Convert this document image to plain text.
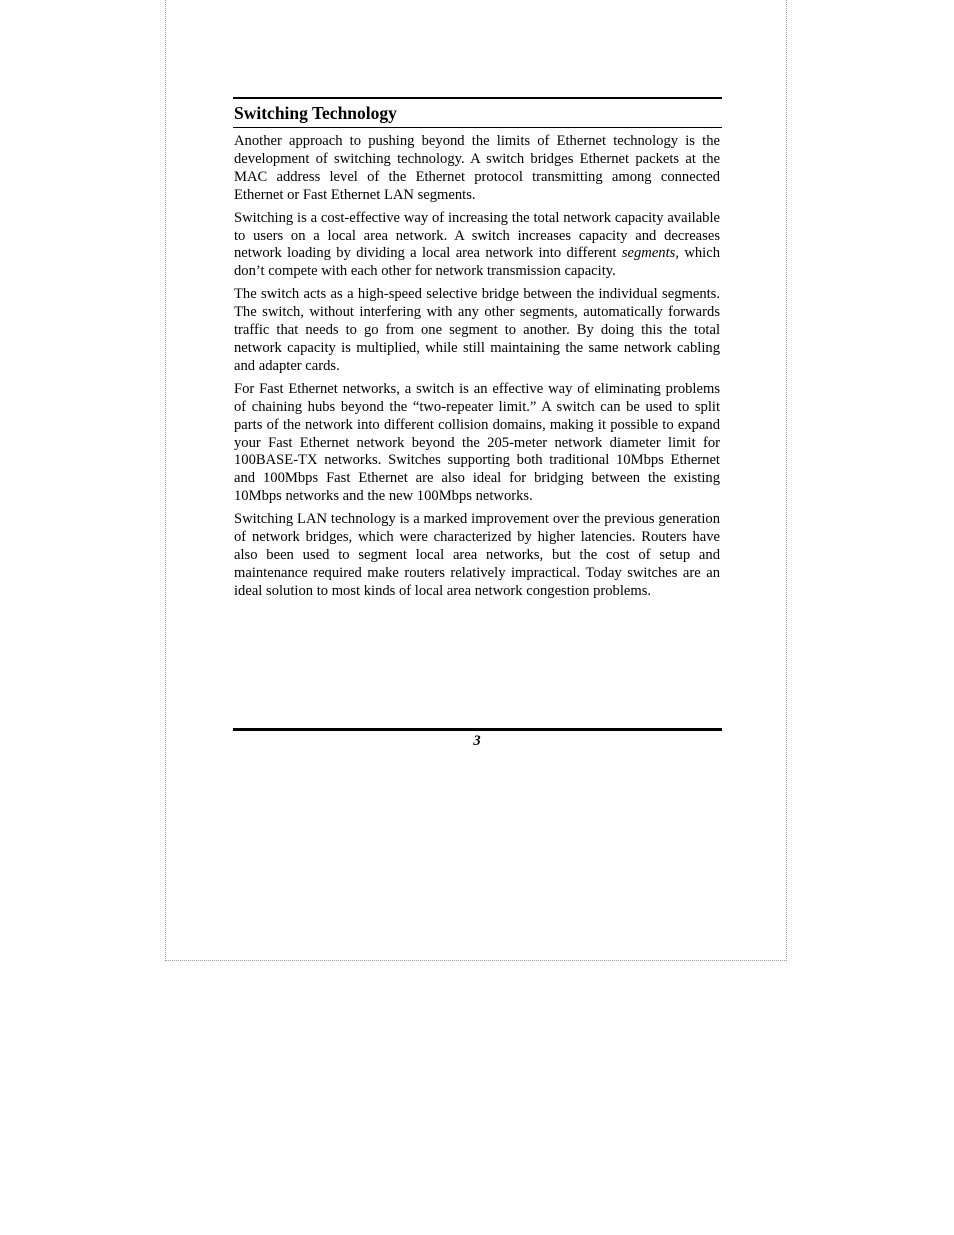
Switching Technology

Another approach to pushing beyond the limits of Ethernet technology is the development of switching technology. A switch bridges Ethernet packets at the MAC address level of the Ethernet protocol transmitting among connected Ethernet or Fast Ethernet LAN segments.

Switching is a cost-effective way of increasing the total network capacity available to users on a local area network. A switch increases capacity and decreases network loading by dividing a local area network into different segments, which don’t compete with each other for network transmission capacity.

The switch acts as a high-speed selective bridge between the individual segments. The switch, without interfering with any other segments, automatically forwards traffic that needs to go from one segment to another. By doing this the total network capacity is multiplied, while still maintaining the same network cabling and adapter cards.

For Fast Ethernet networks, a switch is an effective way of eliminating problems of chaining hubs beyond the “two-repeater limit.” A switch can be used to split parts of the network into different collision domains, making it possible to expand your Fast Ethernet network beyond the 205-meter network diameter limit for 100BASE-TX networks. Switches supporting both traditional 10Mbps Ethernet and 100Mbps Fast Ethernet are also ideal for bridging between the existing 10Mbps networks and the new 100Mbps networks.

Switching LAN technology is a marked improvement over the previous generation of network bridges, which were characterized by higher latencies. Routers have also been used to segment local area networks, but the cost of setup and maintenance required make routers relatively impractical. Today switches are an ideal solution to most kinds of local area network congestion problems.

3
